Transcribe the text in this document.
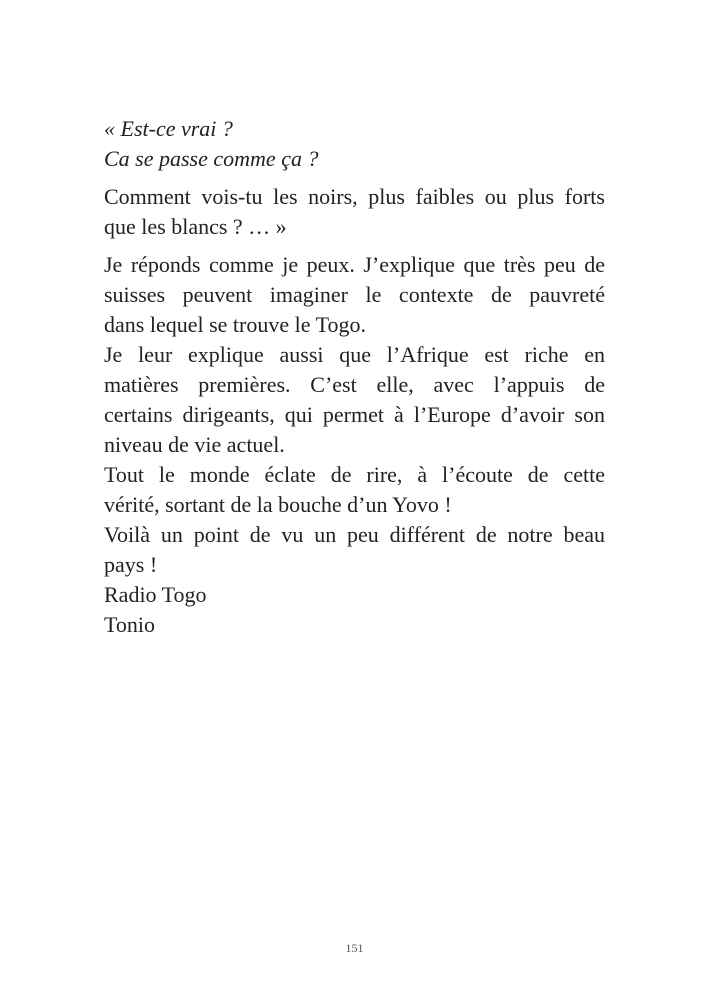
« Est-ce vrai ?
Ca se passe comme ça ?
Comment vois-tu les noirs, plus faibles ou plus forts
que les blancs ? … »
Je réponds comme je peux. J’explique que très peu de
suisses peuvent imaginer le contexte de pauvreté
dans lequel se trouve le Togo.
Je leur explique aussi que l’Afrique est riche en
matières premières. C’est elle, avec l’appuis de
certains dirigeants, qui permet à l’Europe d’avoir son
niveau de vie actuel.
Tout le monde éclate de rire, à l’écoute de cette
vérité, sortant de la bouche d’un Yovo !
Voilà un point de vu un peu différent de notre beau
pays !
Radio Togo
Tonio
151
